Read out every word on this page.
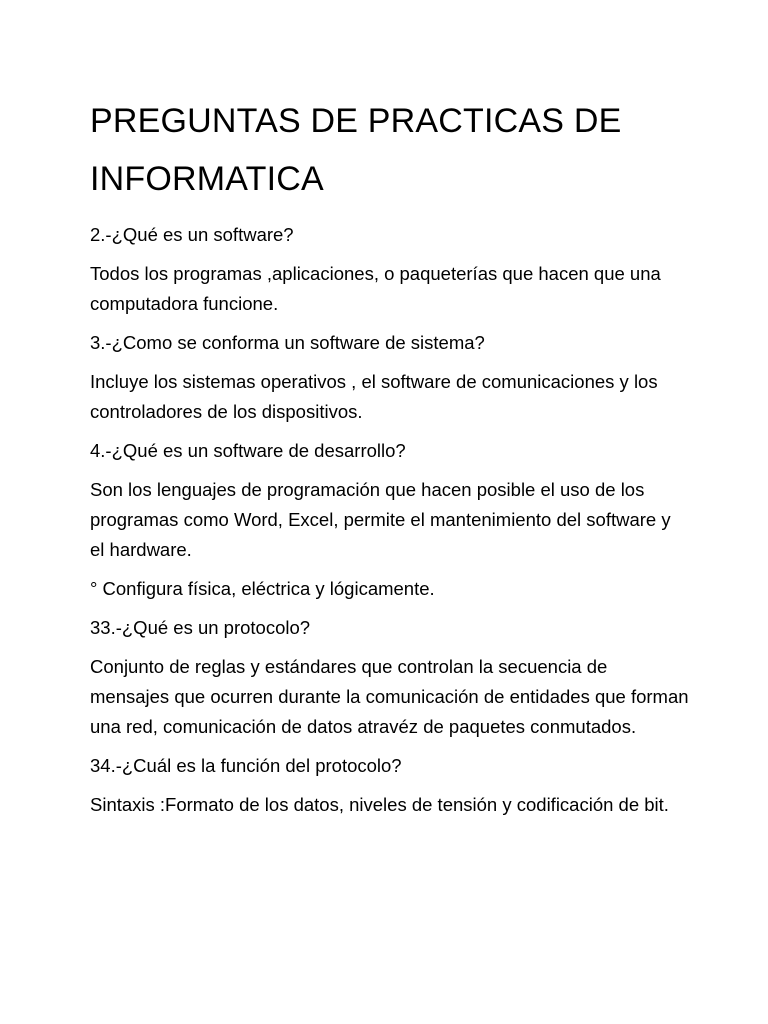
PREGUNTAS DE PRACTICAS DE INFORMATICA

2.-¿Qué es un software?

Todos los programas ,aplicaciones, o paqueterías que hacen que una computadora funcione.

3.-¿Como se conforma un software de sistema?

Incluye los sistemas operativos , el software de comunicaciones y los controladores de los dispositivos.

4.-¿Qué es un software de desarrollo?

Son los lenguajes de programación que hacen posible el uso de los programas como Word, Excel, permite el mantenimiento del software y el hardware.

° Configura física, eléctrica y lógicamente.

33.-¿Qué es un protocolo?

Conjunto de reglas y estándares que controlan la secuencia de mensajes que ocurren durante la comunicación de entidades que forman una red, comunicación de datos atravéz de paquetes conmutados.

34.-¿Cuál es la función del protocolo?

Sintaxis :Formato de los datos, niveles de tensión y codificación de bit.
